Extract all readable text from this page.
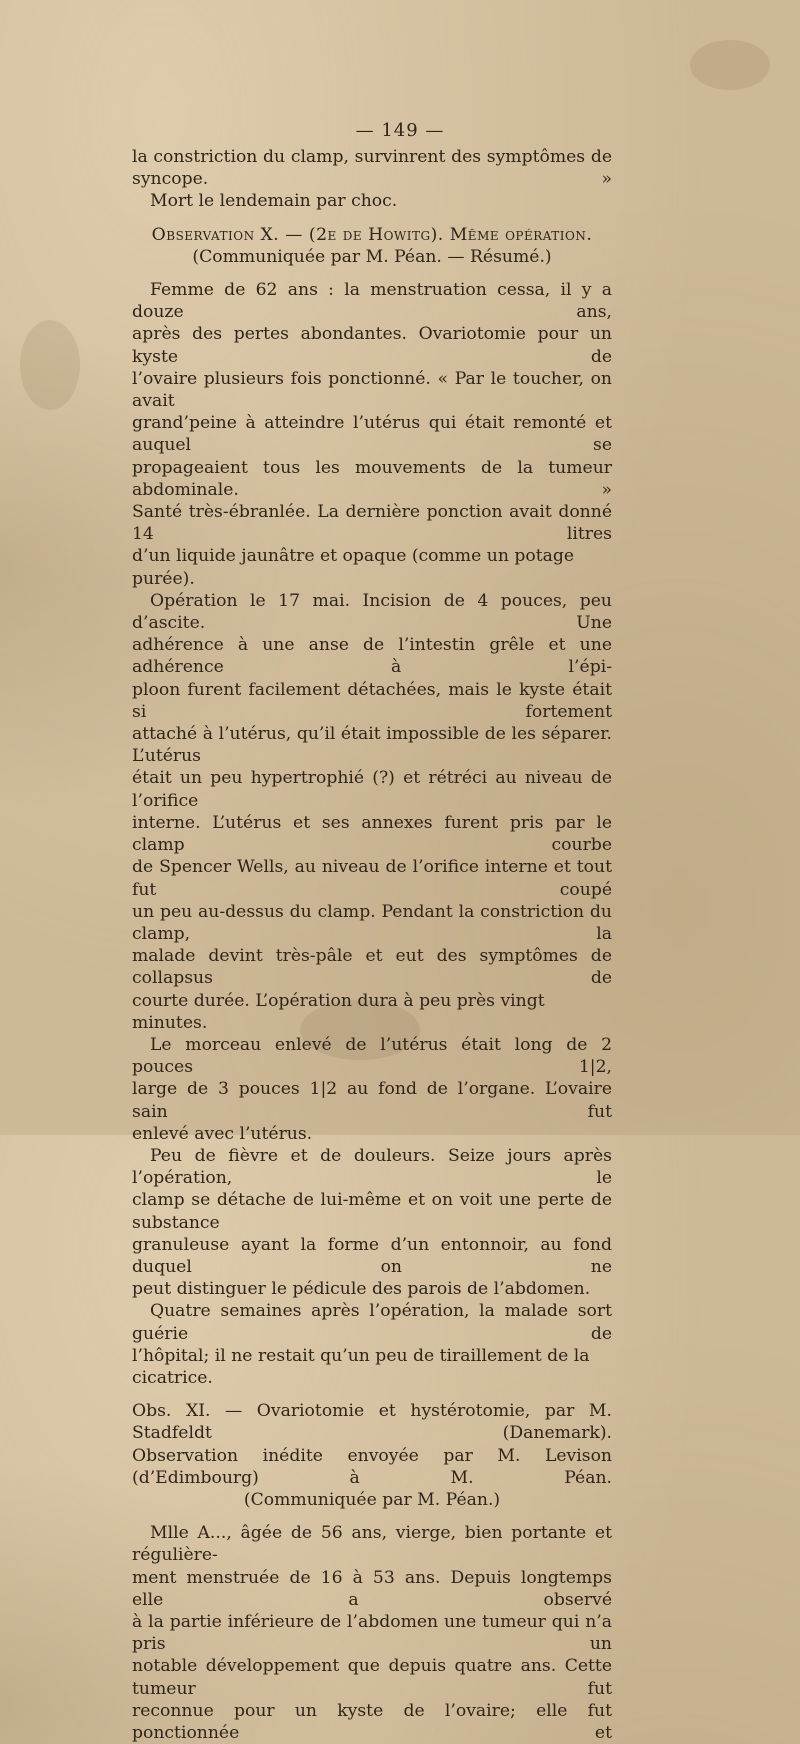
— 149 —

la constriction du clamp, survinrent des symptômes de syncope. »

Mort le lendemain par choc.

Observation X. — (2e de Howitg). Même opération.

(Communiquée par M. Péan. — Résumé.)

Femme de 62 ans : la menstruation cessa, il y a douze ans,

après des pertes abondantes. Ovariotomie pour un kyste de

l’ovaire plusieurs fois ponctionné. « Par le toucher, on avait

grand’peine à atteindre l’utérus qui était remonté et auquel se

propageaient tous les mouvements de la tumeur abdominale. »

Santé très-ébranlée. La dernière ponction avait donné 14 litres

d’un liquide jaunâtre et opaque (comme un potage purée).

Opération le 17 mai. Incision de 4 pouces, peu d’ascite. Une

adhérence à une anse de l’intestin grêle et une adhérence à l’épi-

ploon furent facilement détachées, mais le kyste était si fortement

attaché à l’utérus, qu’il était impossible de les séparer. L’utérus

était un peu hypertrophié (?) et rétréci au niveau de l’orifice

interne. L’utérus et ses annexes furent pris par le clamp courbe

de Spencer Wells, au niveau de l’orifice interne et tout fut coupé

un peu au-dessus du clamp. Pendant la constriction du clamp, la

malade devint très-pâle et eut des symptômes de collapsus de

courte durée. L’opération dura à peu près vingt minutes.

Le morceau enlevé de l’utérus était long de 2 pouces 1|2,

large de 3 pouces 1|2 au fond de l’organe. L’ovaire sain fut

enlevé avec l’utérus.

Peu de fièvre et de douleurs. Seize jours après l’opération, le

clamp se détache de lui-même et on voit une perte de substance

granuleuse ayant la forme d’un entonnoir, au fond duquel on ne

peut distinguer le pédicule des parois de l’abdomen.

Quatre semaines après l’opération, la malade sort guérie de

l’hôpital; il ne restait qu’un peu de tiraillement de la cicatrice.

Obs. XI. — Ovariotomie et hystérotomie, par M. Stadfeldt (Danemark).

Observation inédite envoyée par M. Levison (d’Edimbourg) à M. Péan.

(Communiquée par M. Péan.)

Mlle A..., âgée de 56 ans, vierge, bien portante et régulière-

ment menstruée de 16 à 53 ans. Depuis longtemps elle a observé

à la partie inférieure de l’abdomen une tumeur qui n’a pris un

notable développement que depuis quatre ans. Cette tumeur fut

reconnue pour un kyste de l’ovaire; elle fut ponctionnée et
